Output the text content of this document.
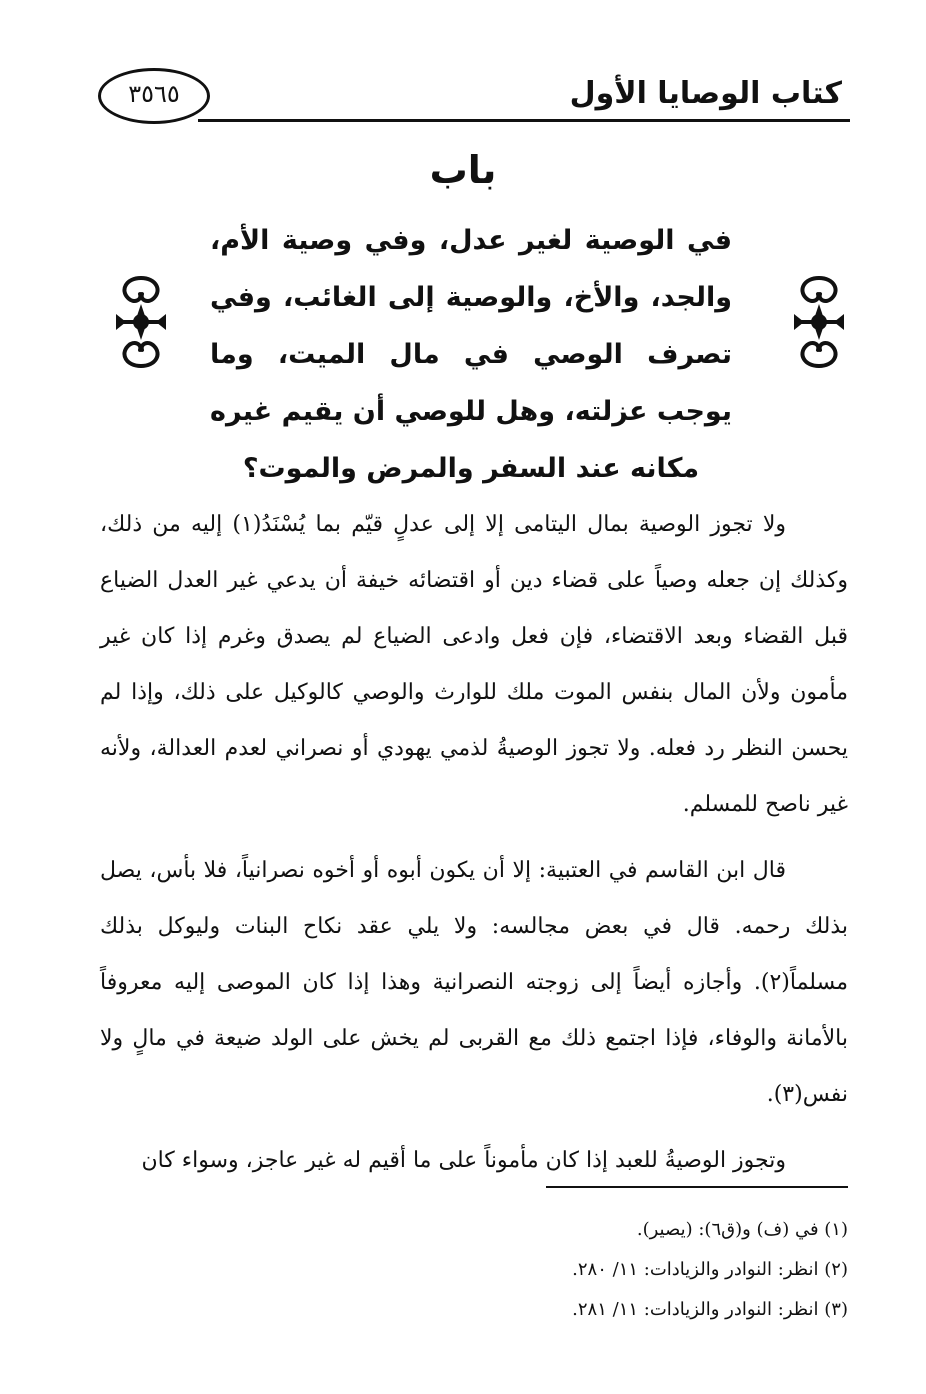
٣٥٦٥	كتاب الوصايا الأول
باب
في الوصية لغير عدل، وفي وصية الأم، والجد، والأخ، والوصية إلى الغائب، وفي تصرف الوصي في مال الميت، وما يوجب عزلته، وهل للوصي أن يقيم غيره مكانه عند السفر والمرض والموت؟

ولا تجوز الوصية بمال اليتامى إلا إلى عدلٍ قيّم بما يُسْنَدُ(١) إليه من ذلك، وكذلك إن جعله وصياً على قضاء دين أو اقتضائه خيفة أن يدعي غير العدل الضياع قبل القضاء وبعد الاقتضاء، فإن فعل وادعى الضياع لم يصدق وغرم إذا كان غير مأمون ولأن المال بنفس الموت ملك للوارث والوصي كالوكيل على ذلك، وإذا لم يحسن النظر رد فعله. ولا تجوز الوصيةُ لذمي يهودي أو نصراني لعدم العدالة، ولأنه غير ناصح للمسلم.

قال ابن القاسم في العتبية: إلا أن يكون أبوه أو أخوه نصرانياً، فلا بأس، يصل بذلك رحمه. قال في بعض مجالسه: ولا يلي عقد نكاح البنات وليوكل بذلك مسلماً(٢). وأجازه أيضاً إلى زوجته النصرانية وهذا إذا كان الموصى إليه معروفاً بالأمانة والوفاء، فإذا اجتمع ذلك مع القربى لم يخش على الولد ضيعة في مالٍ ولا نفس(٣).

وتجوز الوصيةُ للعبد إذا كان مأموناً على ما أقيم له غير عاجز، وسواء كان

(١) في (ف) و(ق٦): (يصير).

(٢) انظر: النوادر والزيادات: ١١/ ٢٨٠.

(٣) انظر: النوادر والزيادات: ١١/ ٢٨١.
